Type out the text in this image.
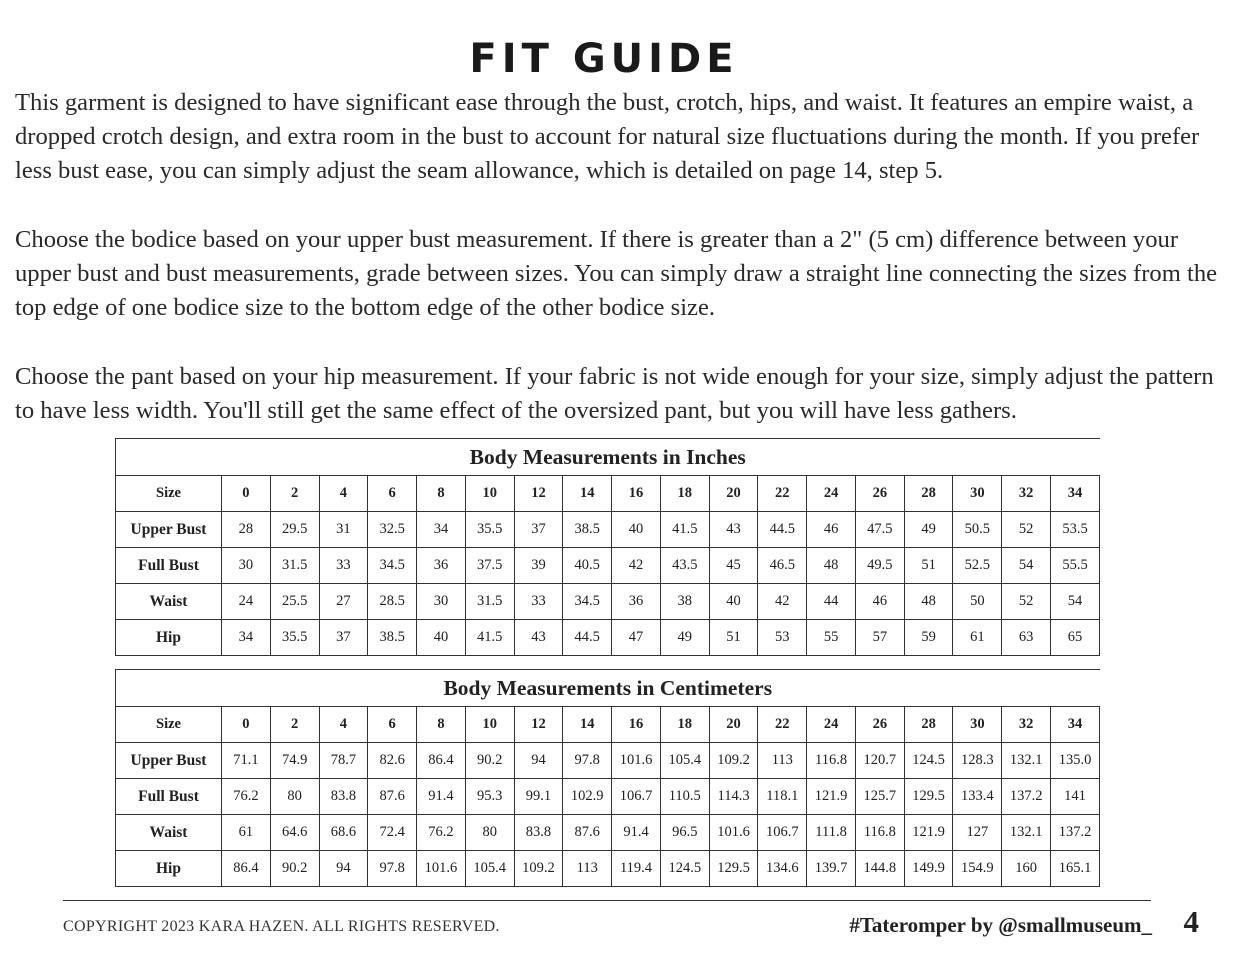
FIT GUIDE

This garment is designed to have significant ease through the bust, crotch, hips, and waist. It features an empire waist, a dropped crotch design, and extra room in the bust to account for natural size fluctuations during the month. If you prefer less bust ease, you can simply adjust the seam allowance, which is detailed on page 14, step 5.

Choose the bodice based on your upper bust measurement. If there is greater than a 2" (5 cm) difference between your upper bust and bust measurements, grade between sizes. You can simply draw a straight line connecting the sizes from the top edge of one bodice size to the bottom edge of the other bodice size.

Choose the pant based on your hip measurement. If your fabric is not wide enough for your size, simply adjust the pattern to have less width. You'll still get the same effect of the oversized pant, but you will have less gathers.

Body Measurements in Inches																		
Size	0	2	4	6	8	10	12	14	16	18	20	22	24	26	28	30	32	34
Upper Bust	28	29.5	31	32.5	34	35.5	37	38.5	40	41.5	43	44.5	46	47.5	49	50.5	52	53.5
Full Bust	30	31.5	33	34.5	36	37.5	39	40.5	42	43.5	45	46.5	48	49.5	51	52.5	54	55.5
Waist	24	25.5	27	28.5	30	31.5	33	34.5	36	38	40	42	44	46	48	50	52	54
Hip	34	35.5	37	38.5	40	41.5	43	44.5	47	49	51	53	55	57	59	61	63	65
Body Measurements in Centimeters																		
Size	0	2	4	6	8	10	12	14	16	18	20	22	24	26	28	30	32	34
Upper Bust	71.1	74.9	78.7	82.6	86.4	90.2	94	97.8	101.6	105.4	109.2	113	116.8	120.7	124.5	128.3	132.1	135.0
Full Bust	76.2	80	83.8	87.6	91.4	95.3	99.1	102.9	106.7	110.5	114.3	118.1	121.9	125.7	129.5	133.4	137.2	141
Waist	61	64.6	68.6	72.4	76.2	80	83.8	87.6	91.4	96.5	101.6	106.7	111.8	116.8	121.9	127	132.1	137.2
Hip	86.4	90.2	94	97.8	101.6	105.4	109.2	113	119.4	124.5	129.5	134.6	139.7	144.8	149.9	154.9	160	165.1
COPYRIGHT 2023 KARA HAZEN. ALL RIGHTS RESERVED.	#Tateromper by @smallmuseum_ 4
